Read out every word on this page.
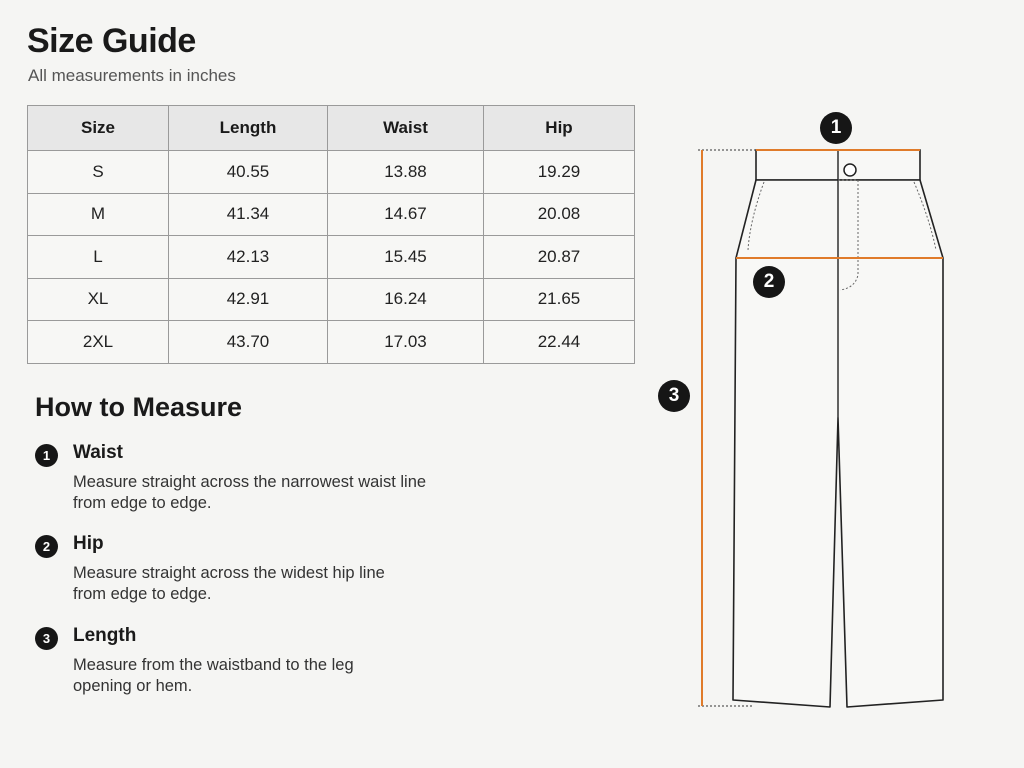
Size Guide
All measurements in inches
Size	Length	Waist	Hip
S	40.55	13.88	19.29
M	41.34	14.67	20.08
L	42.13	15.45	20.87
XL	42.91	16.24	21.65
2XL	43.70	17.03	22.44
How to Measure
1	Waist
Measure straight across the narrowest waist line
from edge to edge.
2	Hip
Measure straight across the widest hip line
from edge to edge.
3	Length
Measure from the waistband to the leg
opening or hem.
1
2
3
